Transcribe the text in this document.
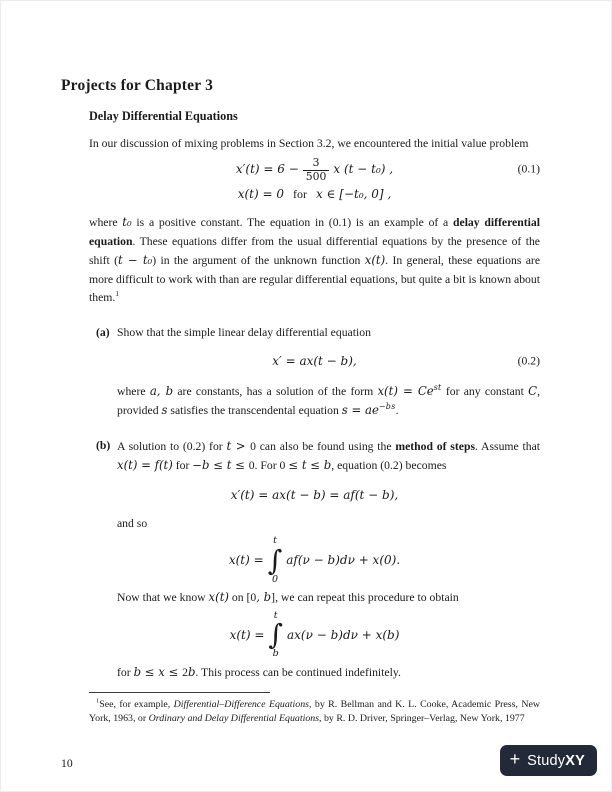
Projects for Chapter 3
Delay Differential Equations

In our discussion of mixing problems in Section 3.2, we encountered the initial value problem

$x'(t) = 6 - \frac{3}{500}$ x (t − t₀) ,	(0.1)
x(t) = 0 for x ∈ [−t₀, 0] ,

where t₀ is a positive constant. The equation in (0.1) is an example of a delay differential equation. These equations differ from the usual differential equations by the presence of the shift (t − t₀) in the argument of the unknown function x(t). In general, these equations are more difficult to work with than are regular differential equations, but quite a bit is known about them.$^1$

(a) Show that the simple linear delay differential equation

x′ = ax(t − b),	(0.2)

where a, b are constants, has a solution of the form $x(t) = Ce^{st}$ for any constant C, provided s satisfies the transcendental equation $s = ae^{-bs}$.

(b) A solution to (0.2) for t > 0 can also be found using the method of steps. Assume that x(t) = f(t) for −b ≤ t ≤ 0. For 0 ≤ t ≤ b, equation (0.2) becomes

x′(t) = ax(t − b) = af(t − b),

and so

x(t) =
t
∫
0
af(ν − b)dν + x(0).

Now that we know x(t) on [0, b], we can repeat this procedure to obtain

x(t) =
t
∫
b
ax(ν − b)dν + x(b)

for b ≤ x ≤ 2b. This process can be continued indefinitely.

$^1$See, for example, Differential–Difference Equations, by R. Bellman and K. L. Cooke, Academic Press, New York, 1963, or Ordinary and Delay Differential Equations, by R. D. Driver, Springer–Verlag, New York, 1977

10	+ StudyXY
